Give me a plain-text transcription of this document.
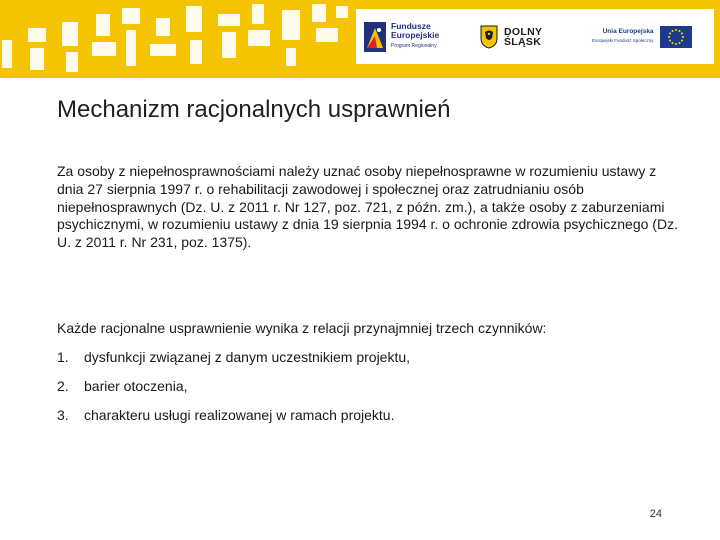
Fundusze
Europejskie
Program Regionalny
DOLNY
ŚLĄSK
Unia Europejska
Europejski Fundusz Społeczny
Mechanizm racjonalnych usprawnień

Za osoby z niepełnosprawnościami należy uznać osoby niepełnosprawne w rozumieniu ustawy z dnia 27 sierpnia 1997 r. o rehabilitacji zawodowej i społecznej oraz zatrudnianiu osób niepełnosprawnych (Dz. U. z 2011 r. Nr 127, poz. 721, z późn. zm.), a także osoby z zaburzeniami psychicznymi, w rozumieniu ustawy z dnia 19 sierpnia 1994 r. o ochronie zdrowia psychicznego (Dz. U. z 2011 r. Nr 231, poz. 1375).

Każde racjonalne usprawnienie wynika z relacji przynajmniej trzech czynników:

1.	dysfunkcji związanej z danym uczestnikiem projektu,
2.	barier otoczenia,
3.	charakteru usługi realizowanej w ramach projektu.
24
